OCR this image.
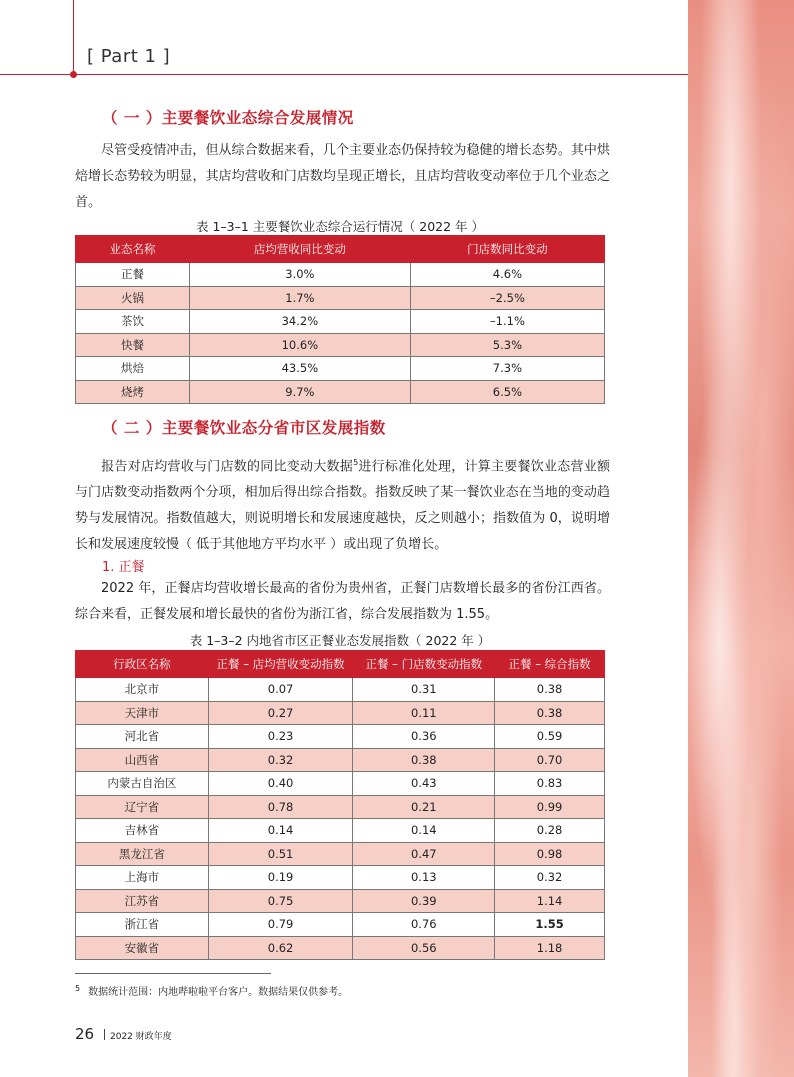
[ Part 1 ]
（ 一 ）主要餐饮业态综合发展情况
尽管受疫情冲击，但从综合数据来看，几个主要业态仍保持较为稳健的增长态势。其中烘焙增长态势较为明显，其店均营收和门店数均呈现正增长，且店均营收变动率位于几个业态之首。
表 1–3–1 主要餐饮业态综合运行情况（ 2022 年 ）
业态名称	店均营收同比变动	门店数同比变动
正餐	3.0%	4.6%
火锅	1.7%	–2.5%
茶饮	34.2%	–1.1%
快餐	10.6%	5.3%
烘焙	43.5%	7.3%
烧烤	9.7%	6.5%
（ 二 ）主要餐饮业态分省市区发展指数
报告对店均营收与门店数的同比变动大数据$^5$进行标准化处理，计算主要餐饮业态营业额与门店数变动指数两个分项，相加后得出综合指数。指数反映了某一餐饮业态在当地的变动趋势与发展情况。指数值越大，则说明增长和发展速度越快，反之则越小；指数值为 0，说明增长和发展速度较慢（ 低于其他地方平均水平 ）或出现了负增长。
1. 正餐
2022 年，正餐店均营收增长最高的省份为贵州省，正餐门店数增长最多的省份江西省。综合来看，正餐发展和增长最快的省份为浙江省，综合发展指数为 1.55。
表 1–3–2 内地省市区正餐业态发展指数（ 2022 年 ）
行政区名称	正餐 – 店均营收变动指数	正餐 – 门店数变动指数	正餐 – 综合指数
北京市	0.07	0.31	0.38
天津市	0.27	0.11	0.38
河北省	0.23	0.36	0.59
山西省	0.32	0.38	0.70
内蒙古自治区	0.40	0.43	0.83
辽宁省	0.78	0.21	0.99
吉林省	0.14	0.14	0.28
黑龙江省	0.51	0.47	0.98
上海市	0.19	0.13	0.32
江苏省	0.75	0.39	1.14
浙江省	0.79	0.76	1.55
安徽省	0.62	0.56	1.18
$^5$ 数据统计范围：内地哔啦啦平台客户。数据结果仅供参考。
26 2022 财政年度
